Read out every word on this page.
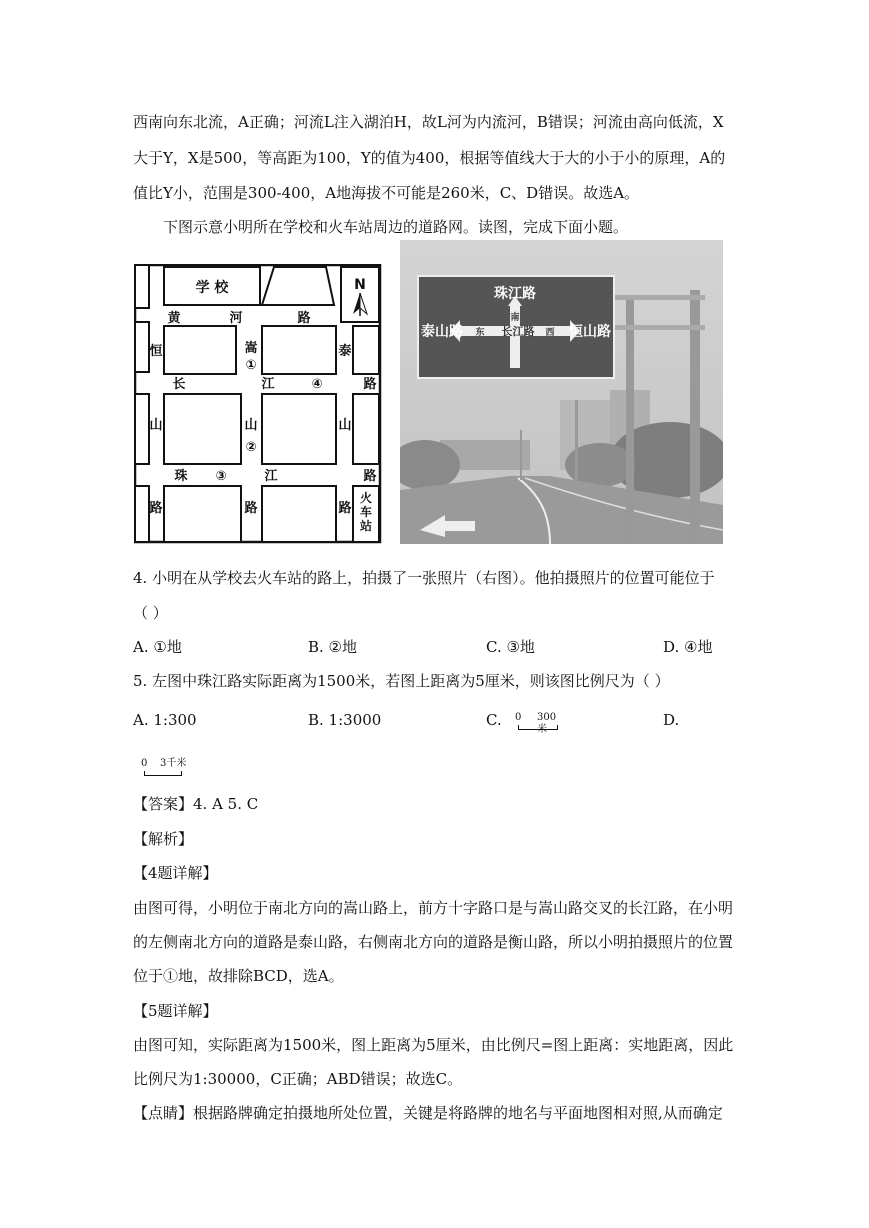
西南向东北流，A正确；河流L注入湖泊H，故L河为内流河，B错误；河流由高向低流，X
大于Y，X是500，等高距为100，Y的值为400，根据等值线大于大的小于小的原理，A的
值比Y小，范围是300-400，A地海拔不可能是260米，C、D错误。故选A。
下图示意小明所在学校和火车站周边的道路网。读图，完成下面小题。
学 校	N
黄	河	路
恒	嵩
①
泰
长	江	④	路
山	山
②
山
珠 ③	江	路
路	路	路
火
车
站
珠江路
南
泰山路 东 长江路 西 恒山路
4. 小明在从学校去火车站的路上，拍摄了一张照片（右图）。他拍摄照片的位置可能位于
（ ）
A. ①地	B. ②地	C. ③地	D. ④地
5. 左图中珠江路实际距离为1500米，若图上距离为5厘米，则该图比例尺为（ ）
A. 1:300	B. 1:3000	C. 0 300米
D.
0 3千米
【答案】4. A 5. C
【解析】
【4题详解】
由图可得，小明位于南北方向的嵩山路上，前方十字路口是与嵩山路交叉的长江路，在小明
的左侧南北方向的道路是泰山路，右侧南北方向的道路是衡山路，所以小明拍摄照片的位置
位于①地，故排除BCD，选A。
【5题详解】
由图可知，实际距离为1500米，图上距离为5厘米，由比例尺=图上距离：实地距离，因此
比例尺为1:30000，C正确；ABD错误；故选C。
【点睛】根据路牌确定拍摄地所处位置，关键是将路牌的地名与平面地图相对照,从而确定
